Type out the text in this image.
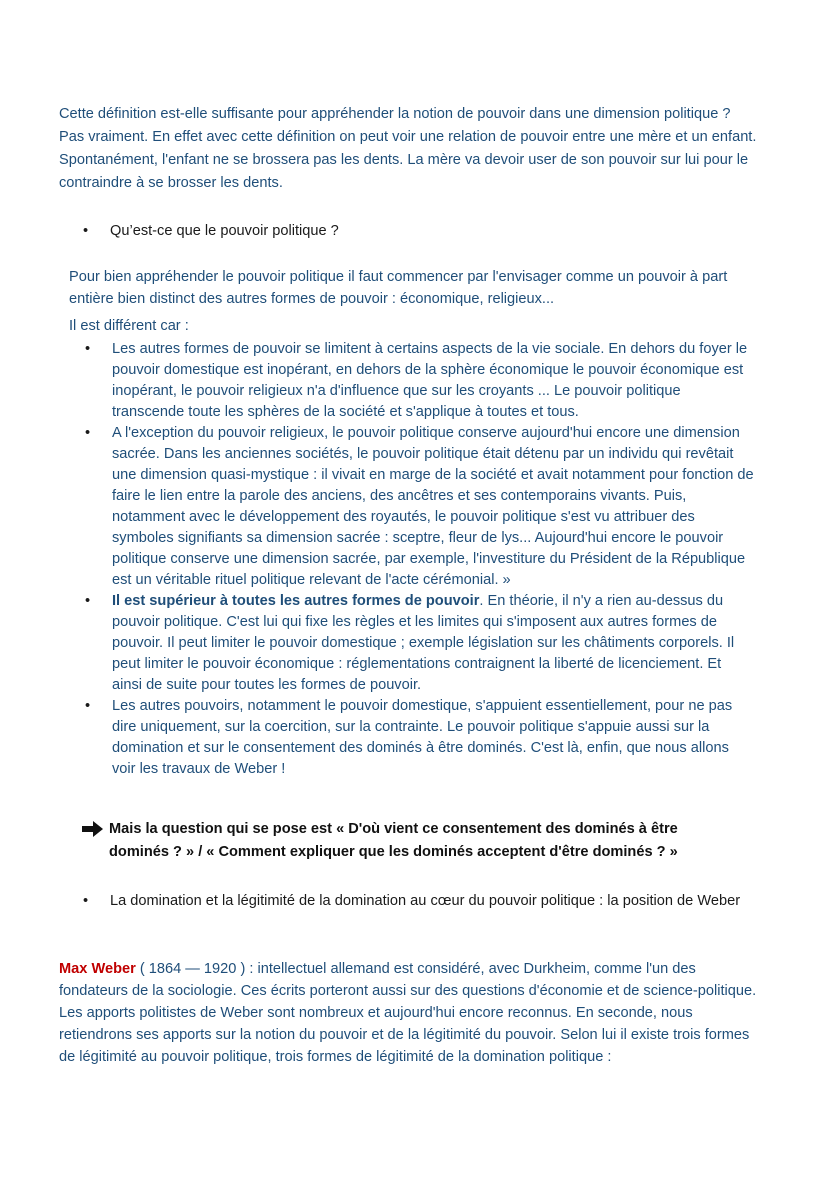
Cette définition est-elle suffisante pour appréhender la notion de pouvoir dans une dimension politique ? Pas vraiment. En effet avec cette définition on peut voir une relation de pouvoir entre une mère et un enfant. Spontanément, l'enfant ne se brossera pas les dents. La mère va devoir user de son pouvoir sur lui pour le contraindre à se brosser les dents.

• Qu’est-ce que le pouvoir politique ?

Pour bien appréhender le pouvoir politique il faut commencer par l'envisager comme un pouvoir à part entière bien distinct des autres formes de pouvoir : économique, religieux...

Il est différent car :

• Les autres formes de pouvoir se limitent à certains aspects de la vie sociale. En dehors du foyer le pouvoir domestique est inopérant, en dehors de la sphère économique le pouvoir économique est inopérant, le pouvoir religieux n'a d'influence que sur les croyants ... Le pouvoir politique transcende toute les sphères de la société et s'applique à toutes et tous.
• A l'exception du pouvoir religieux, le pouvoir politique conserve aujourd'hui encore une dimension sacrée. Dans les anciennes sociétés, le pouvoir politique était détenu par un individu qui revêtait une dimension quasi-mystique : il vivait en marge de la société et avait notamment pour fonction de faire le lien entre la parole des anciens, des ancêtres et ses contemporains vivants. Puis, notamment avec le développement des royautés, le pouvoir politique s'est vu attribuer des symboles signifiants sa dimension sacrée : sceptre, fleur de lys... Aujourd'hui encore le pouvoir politique conserve une dimension sacrée, par exemple, l'investiture du Président de la République est un véritable rituel politique relevant de l'acte cérémonial. »
• Il est supérieur à toutes les autres formes de pouvoir. En théorie, il n'y a rien au-dessus du pouvoir politique. C'est lui qui fixe les règles et les limites qui s'imposent aux autres formes de pouvoir. Il peut limiter le pouvoir domestique ; exemple législation sur les châtiments corporels. Il peut limiter le pouvoir économique : réglementations contraignent la liberté de licenciement. Et ainsi de suite pour toutes les formes de pouvoir.
• Les autres pouvoirs, notamment le pouvoir domestique, s'appuient essentiellement, pour ne pas dire uniquement, sur la coercition, sur la contrainte. Le pouvoir politique s'appuie aussi sur la domination et sur le consentement des dominés à être dominés. C'est là, enfin, que nous allons voir les travaux de Weber !
Mais la question qui se pose est « D'où vient ce consentement des dominés à être dominés ? » / « Comment expliquer que les dominés acceptent d'être dominés ? »
• La domination et la légitimité de la domination au cœur du pouvoir politique : la position de Weber

Max Weber ( 1864 — 1920 ) : intellectuel allemand est considéré, avec Durkheim, comme l'un des fondateurs de la sociologie. Ces écrits porteront aussi sur des questions d'économie et de science-politique. Les apports politistes de Weber sont nombreux et aujourd'hui encore reconnus. En seconde, nous retiendrons ses apports sur la notion du pouvoir et de la légitimité du pouvoir. Selon lui il existe trois formes de légitimité au pouvoir politique, trois formes de légitimité de la domination politique :
